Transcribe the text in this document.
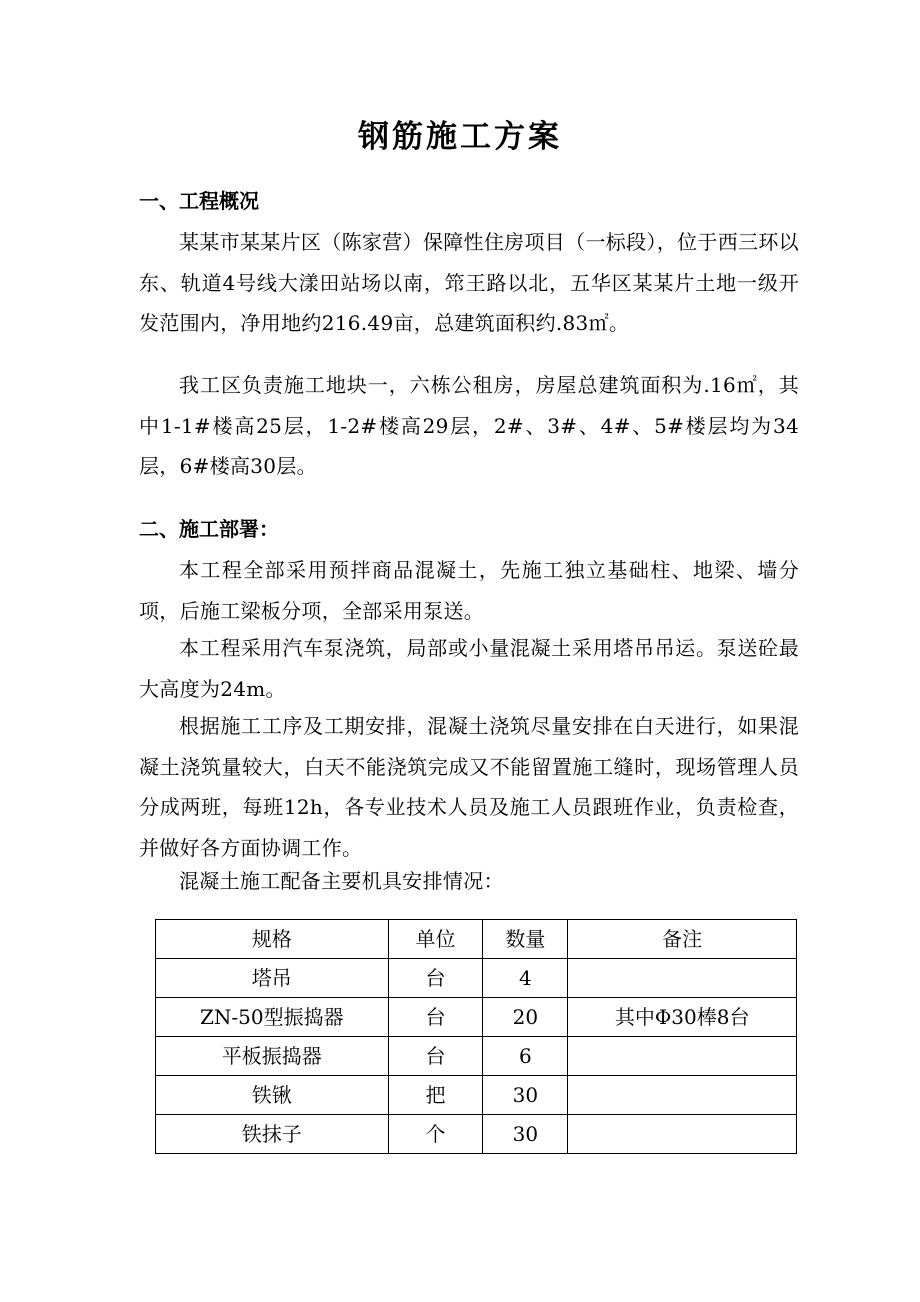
钢筋施工方案
一、工程概况
某某市某某片区（陈家营）保障性住房项目（一标段），位于西三环以东、轨道4号线大漾田站场以南，筇王路以北，五华区某某片土地一级开发范围内，净用地约216.49亩，总建筑面积约.83㎡。
我工区负责施工地块一，六栋公租房，房屋总建筑面积为.16㎡，其中1-1#楼高25层，1-2#楼高29层，2#、3#、4#、5#楼层均为34层，6#楼高30层。
二、施工部署：
本工程全部采用预拌商品混凝土，先施工独立基础柱、地梁、墙分项，后施工梁板分项，全部采用泵送。
本工程采用汽车泵浇筑，局部或小量混凝土采用塔吊吊运。泵送砼最大高度为24m。
根据施工工序及工期安排，混凝土浇筑尽量安排在白天进行，如果混凝土浇筑量较大，白天不能浇筑完成又不能留置施工缝时，现场管理人员分成两班，每班12h，各专业技术人员及施工人员跟班作业，负责检查，并做好各方面协调工作。
混凝土施工配备主要机具安排情况：
规格	单位	数量	备注
塔吊	台	4	
ZN-50型振捣器	台	20	其中Φ30棒8台
平板振捣器	台	6	
铁锹	把	30	
铁抹子	个	30	
